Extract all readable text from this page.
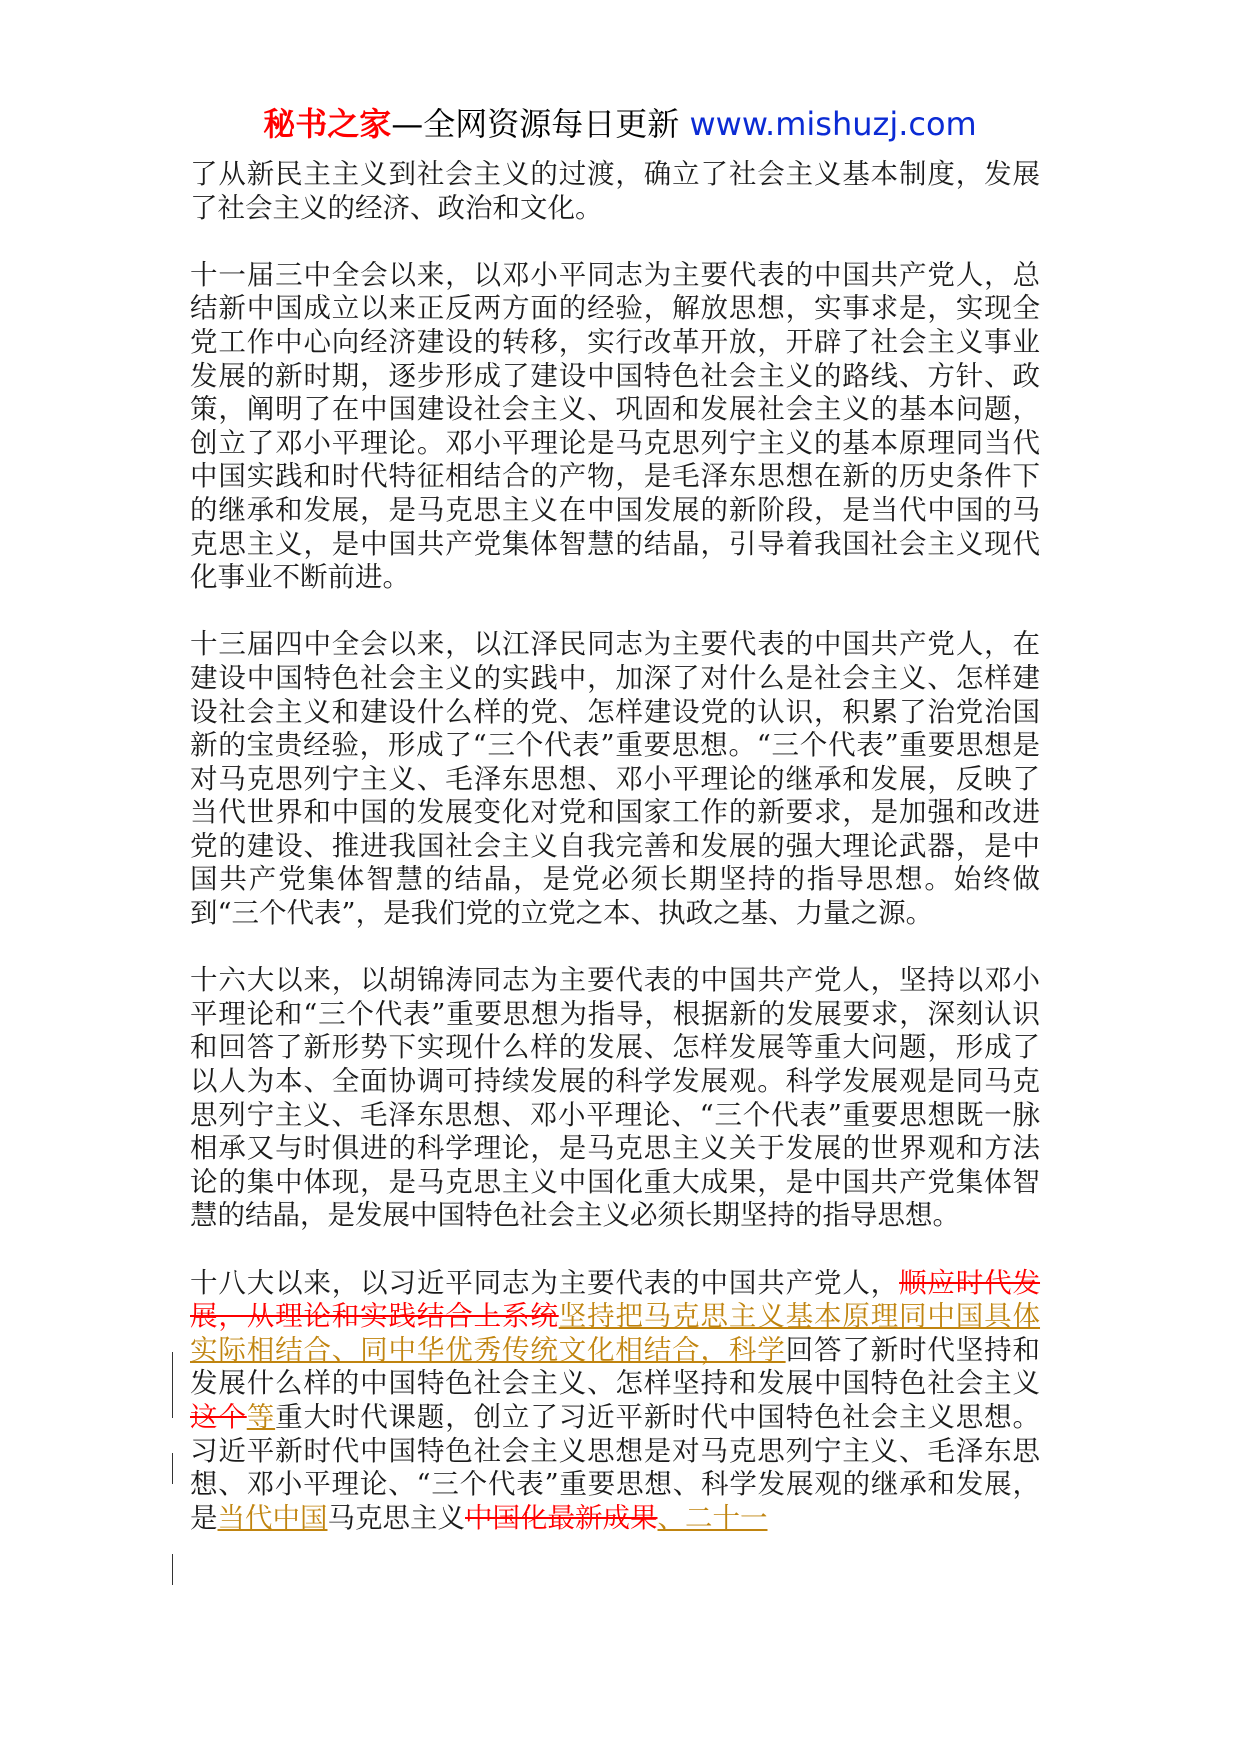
秘书之家—全网资源每日更新 www.mishuzj.com

了从新民主主义到社会主义的过渡，确立了社会主义基本制度，发展了社会主义的经济、政治和文化。

十一届三中全会以来，以邓小平同志为主要代表的中国共产党人，总结新中国成立以来正反两方面的经验，解放思想，实事求是，实现全党工作中心向经济建设的转移，实行改革开放，开辟了社会主义事业发展的新时期，逐步形成了建设中国特色社会主义的路线、方针、政策，阐明了在中国建设社会主义、巩固和发展社会主义的基本问题，创立了邓小平理论。邓小平理论是马克思列宁主义的基本原理同当代中国实践和时代特征相结合的产物，是毛泽东思想在新的历史条件下的继承和发展，是马克思主义在中国发展的新阶段，是当代中国的马克思主义，是中国共产党集体智慧的结晶，引导着我国社会主义现代化事业不断前进。

十三届四中全会以来，以江泽民同志为主要代表的中国共产党人，在建设中国特色社会主义的实践中，加深了对什么是社会主义、怎样建设社会主义和建设什么样的党、怎样建设党的认识，积累了治党治国新的宝贵经验，形成了“三个代表”重要思想。“三个代表”重要思想是对马克思列宁主义、毛泽东思想、邓小平理论的继承和发展，反映了当代世界和中国的发展变化对党和国家工作的新要求，是加强和改进党的建设、推进我国社会主义自我完善和发展的强大理论武器，是中国共产党集体智慧的结晶，是党必须长期坚持的指导思想。始终做到“三个代表”，是我们党的立党之本、执政之基、力量之源。

十六大以来，以胡锦涛同志为主要代表的中国共产党人，坚持以邓小平理论和“三个代表”重要思想为指导，根据新的发展要求，深刻认识和回答了新形势下实现什么样的发展、怎样发展等重大问题，形成了以人为本、全面协调可持续发展的科学发展观。科学发展观是同马克思列宁主义、毛泽东思想、邓小平理论、“三个代表”重要思想既一脉相承又与时俱进的科学理论，是马克思主义关于发展的世界观和方法论的集中体现，是马克思主义中国化重大成果，是中国共产党集体智慧的结晶，是发展中国特色社会主义必须长期坚持的指导思想。

十八大以来，以习近平同志为主要代表的中国共产党人，顺应时代发展，从理论和实践结合上系统坚持把马克思主义基本原理同中国具体实际相结合、同中华优秀传统文化相结合，科学回答了新时代坚持和发展什么样的中国特色社会主义、怎样坚持和发展中国特色社会主义这个等重大时代课题，创立了习近平新时代中国特色社会主义思想。习近平新时代中国特色社会主义思想是对马克思列宁主义、毛泽东思想、邓小平理论、“三个代表”重要思想、科学发展观的继承和发展，是当代中国马克思主义中国化最新成果、二十一
